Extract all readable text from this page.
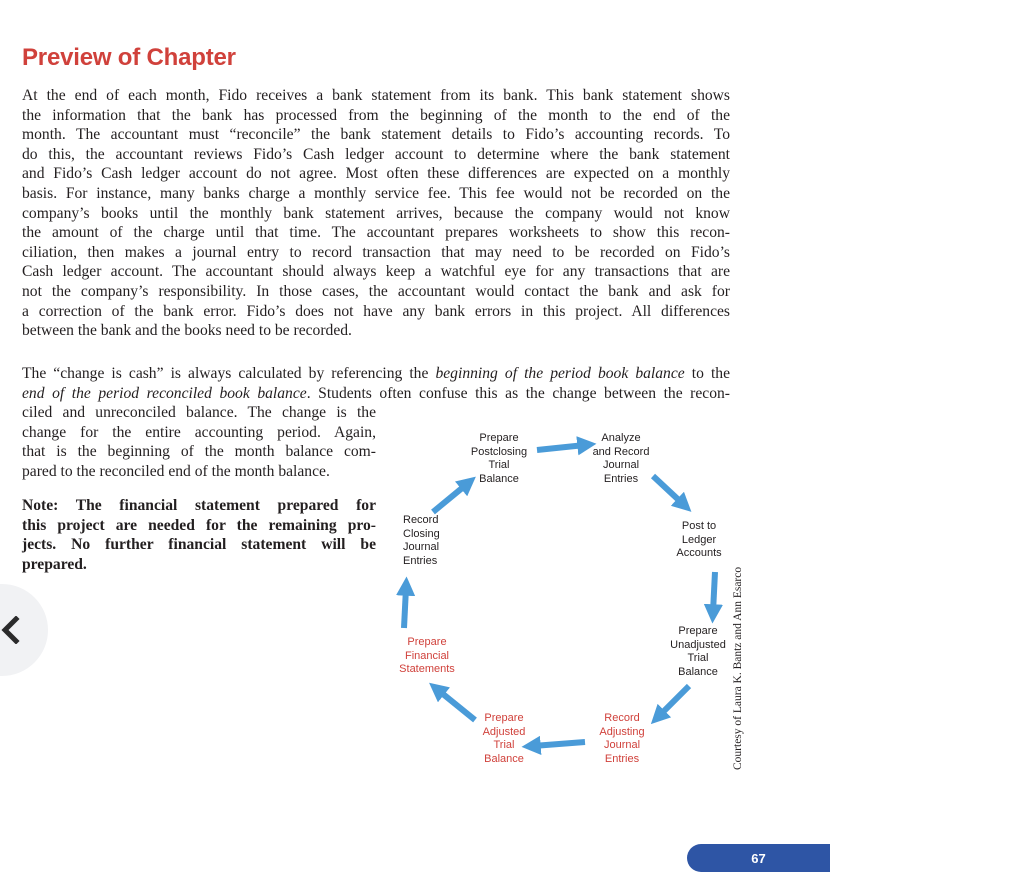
Preview of Chapter
At the end of each month, Fido receives a bank statement from its bank. This bank statement shows
the information that the bank has processed from the beginning of the month to the end of the
month. The accountant must “reconcile” the bank statement details to Fido’s accounting records. To
do this, the accountant reviews Fido’s Cash ledger account to determine where the bank statement
and Fido’s Cash ledger account do not agree. Most often these differences are expected on a monthly
basis. For instance, many banks charge a monthly service fee. This fee would not be recorded on the
company’s books until the monthly bank statement arrives, because the company would not know
the amount of the charge until that time. The accountant prepares worksheets to show this recon-
ciliation, then makes a journal entry to record transaction that may need to be recorded on Fido’s
Cash ledger account. The accountant should always keep a watchful eye for any transactions that are
not the company’s responsibility. In those cases, the accountant would contact the bank and ask for
a correction of the bank error. Fido’s does not have any bank errors in this project. All differences
between the bank and the books need to be recorded.
The “change is cash” is always calculated by referencing the beginning of the period book balance to the
end of the period reconciled book balance. Students often confuse this as the change between the recon-
ciled and unreconciled balance. The change is the
change for the entire accounting period. Again,
that is the beginning of the month balance com-
pared to the reconciled end of the month balance.
Note: The financial statement prepared for
this project are needed for the remaining pro-
jects. No further financial statement will be
prepared.

Prepare
Postclosing
Trial
Balance

Analyze
and Record
Journal
Entries

Post to
Ledger
Accounts

Prepare
Unadjusted
Trial
Balance

Record
Adjusting
Journal
Entries

Prepare
Adjusted
Trial
Balance

Prepare
Financial
Statements

Record
Closing
Journal
Entries

Courtesy of Laura K. Bantz and Ann Esarco
67
